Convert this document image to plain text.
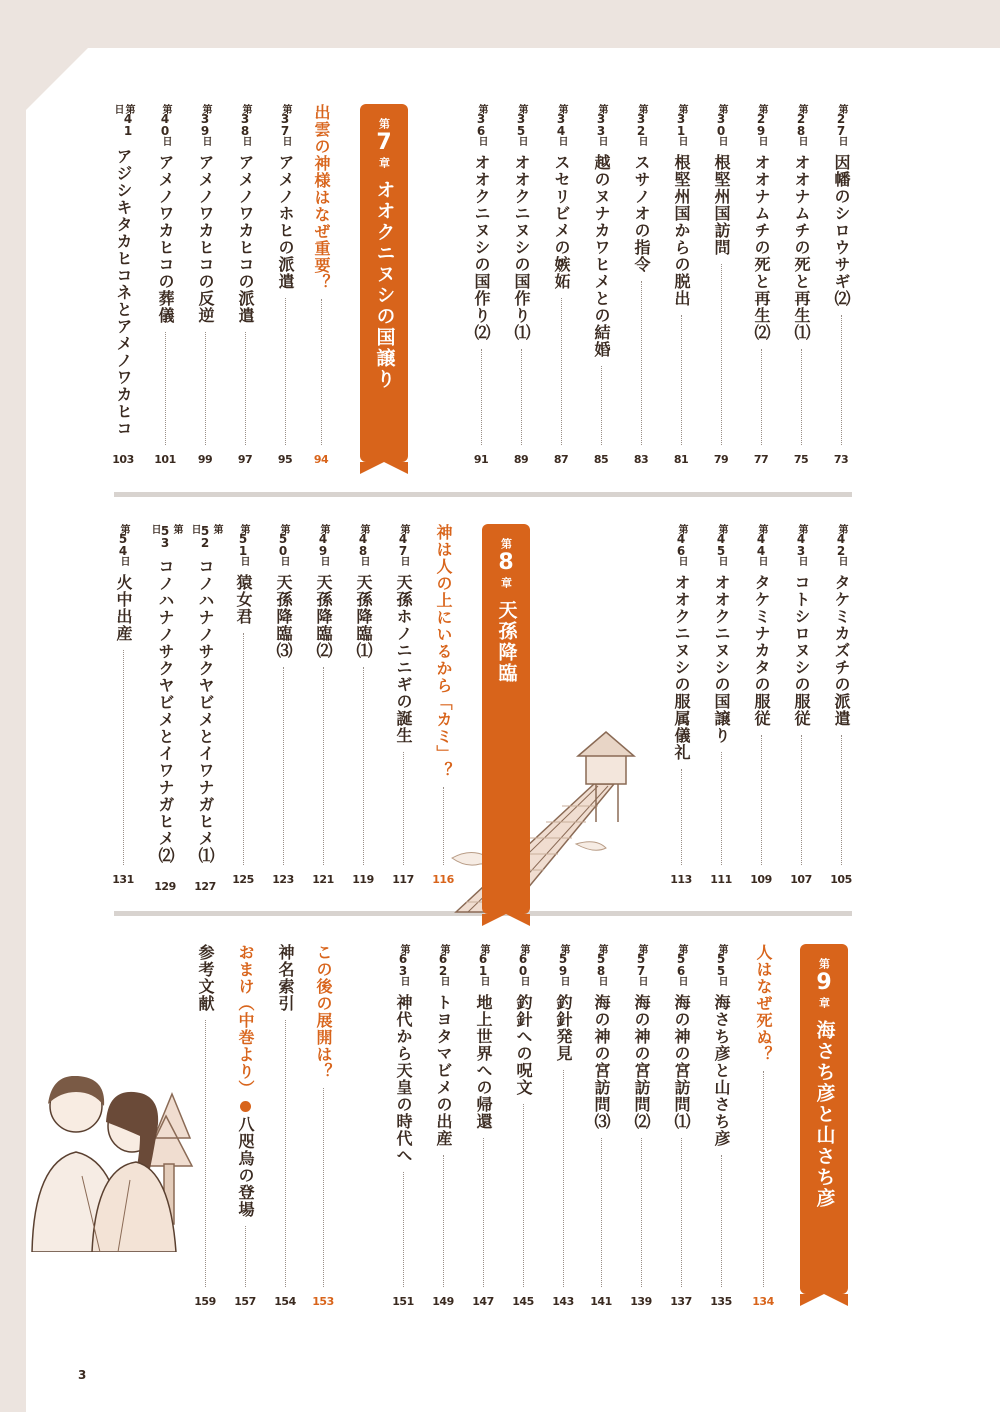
3
第27日
因幡のシロウサギ⑵
73
第28日
オオナムチの死と再生⑴
75
第29日
オオナムチの死と再生⑵
77
第30日
根堅州国訪問
79
第31日
根堅州国からの脱出
81
第32日
スサノオの指令
83
第33日
越のヌナカワヒメとの結婚
85
第34日
スセリビメの嫉妬
87
第35日
オオクニヌシの国作り⑴
89
第36日
オオクニヌシの国作り⑵
91
第
7
章
オオクニヌシの国譲り
出雲の神様はなぜ重要？
94
第37日
アメノホヒの派遣
95
第38日
アメノワカヒコの派遣
97
第39日
アメノワカヒコの反逆
99
第40日
アメノワカヒコの葬儀
101
第41日
アジシキタカヒコネとアメノワカヒコ
103
第42日
タケミカズチの派遣
105
第43日
コトシロヌシの服従
107
第44日
タケミナカタの服従
109
第45日
オオクニヌシの国譲り
111
第46日
オオクニヌシの服属儀礼
113
第
8
章
天孫降臨
神は人の上にいるから「カミ」？
116
第47日
天孫ホノニニギの誕生
117
第48日
天孫降臨⑴
119
第49日
天孫降臨⑵
121
第50日
天孫降臨⑶
123
第51日
猿女君
125
第52日
コノハナノサクヤビメとイワナガヒメ⑴
127
第53日
コノハナノサクヤビメとイワナガヒメ⑵
129
第54日
火中出産
131
第
9
章
海さち彦と山さち彦
人はなぜ死ぬ？
134
第55日
海さち彦と山さち彦
135
第56日
海の神の宮訪問⑴
137
第57日
海の神の宮訪問⑵
139
第58日
海の神の宮訪問⑶
141
第59日
釣針発見
143
第60日
釣針への呪文
145
第61日
地上世界への帰還
147
第62日
トヨタマビメの出産
149
第63日
神代から天皇の時代へ
151
この後の展開は？
153
神名索引
154
おまけ（中巻より）
八咫烏の登場
157
参考文献
159
